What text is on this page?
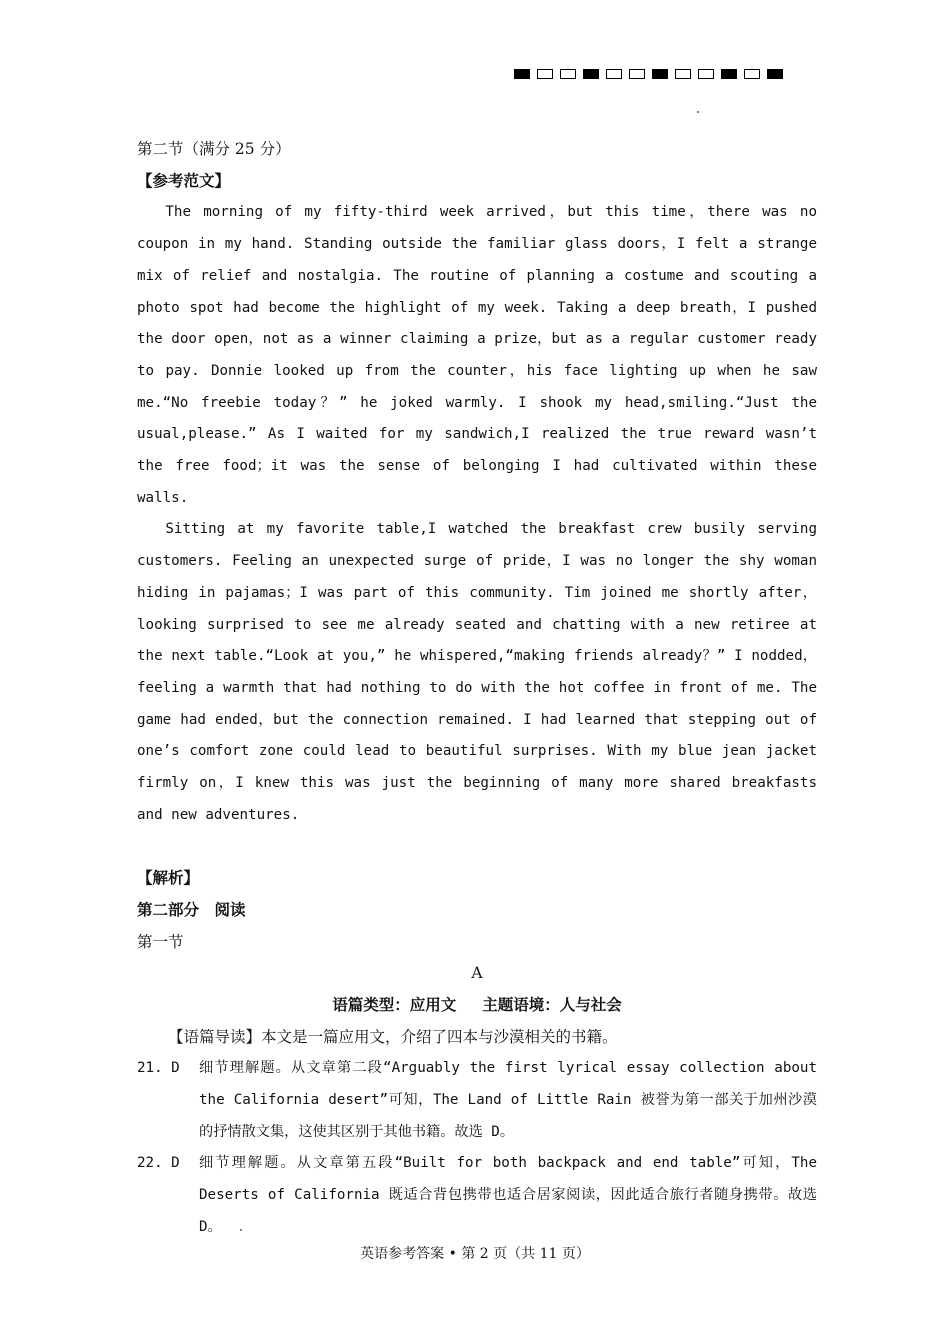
第二节（满分 25 分）

【参考范文】

The morning of my fifty-third week arrived，but this time，there was no coupon in my hand. Standing outside the familiar glass doors，I felt a strange mix of relief and nostalgia. The routine of planning a costume and scouting a photo spot had become the highlight of my week. Taking a deep breath，I pushed the door open，not as a winner claiming a prize，but as a regular customer ready to pay. Donnie looked up from the counter，his face lighting up when he saw me.“No freebie today？” he joked warmly. I shook my head,smiling.“Just the usual,please.” As I waited for my sandwich,I realized the true reward wasn’t the free food；it was the sense of belonging I had cultivated within these walls.

Sitting at my favorite table,I watched the breakfast crew busily serving customers. Feeling an unexpected surge of pride，I was no longer the shy woman hiding in pajamas；I was part of this community. Tim joined me shortly after，looking surprised to see me already seated and chatting with a new retiree at the next table.“Look at you,” he whispered,“making friends already？” I nodded，feeling a warmth that had nothing to do with the hot coffee in front of me. The game had ended，but the connection remained. I had learned that stepping out of one’s comfort zone could lead to beautiful surprises. With my blue jean jacket firmly on，I knew this was just the beginning of many more shared breakfasts and new adventures.

【解析】

第二部分　阅读

第一节

A

语篇类型：应用文 主题语境：人与社会

【语篇导读】本文是一篇应用文，介绍了四本与沙漠相关的书籍。

21. D	细节理解题。从文章第二段“Arguably the first lyrical essay collection about the California desert”可知，The Land of Little Rain 被誉为第一部关于加州沙漠的抒情散文集，这使其区别于其他书籍。故选 D。
22. D	细节理解题。从文章第五段“Built for both backpack and end table”可知，The Deserts of California 既适合背包携带也适合居家阅读，因此适合旅行者随身携带。故选 D。
英语参考答案 • 第 2 页（共 11 页）
